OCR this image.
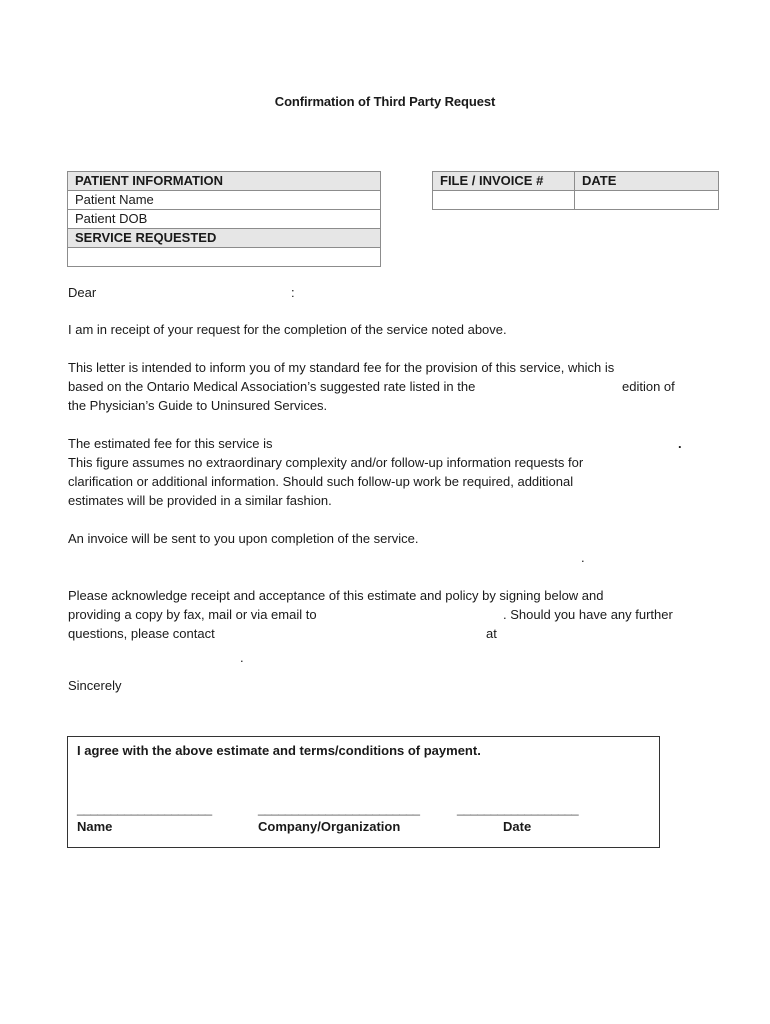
Confirmation of Third Party Request
PATIENT INFORMATION
Patient Name
Patient DOB
SERVICE REQUESTED

FILE / INVOICE #	DATE

Dear	:
I am in receipt of your request for the completion of the service noted above.
This letter is intended to inform you of my standard fee for the provision of this service, which is
based on the Ontario Medical Association’s suggested rate listed in the	edition of
the Physician’s Guide to Uninsured Services.
The estimated fee for this service is	.
This figure assumes no extraordinary complexity and/or follow-up information requests for
clarification or additional information. Should such follow-up work be required, additional
estimates will be provided in a similar fashion.
An invoice will be sent to you upon completion of the service.
.
Please acknowledge receipt and acceptance of this estimate and policy by signing below and
providing a copy by fax, mail or via email to	. Should you have any further
questions, please contact	at
.
Sincerely
I agree with the above estimate and terms/conditions of payment.
____________________	________________________	__________________
Name	Company/Organization	Date
